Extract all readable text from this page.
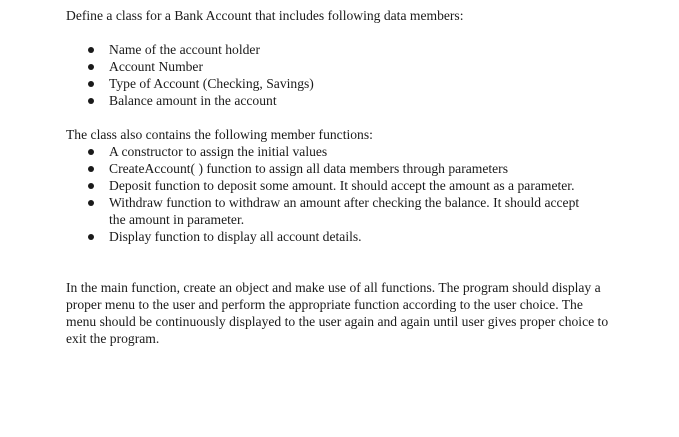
Define a class for a Bank Account that includes following data members:

Name of the account holder
Account Number
Type of Account (Checking, Savings)
Balance amount in the account

The class also contains the following member functions:

A constructor to assign the initial values
CreateAccount( ) function to assign all data members through parameters
Deposit function to deposit some amount. It should accept the amount as a parameter.
Withdraw function to withdraw an amount after checking the balance. It should accept the amount in parameter.
Display function to display all account details.

In the main function, create an object and make use of all functions. The program should display a proper menu to the user and perform the appropriate function according to the user choice. The menu should be continuously displayed to the user again and again until user gives proper choice to exit the program.
